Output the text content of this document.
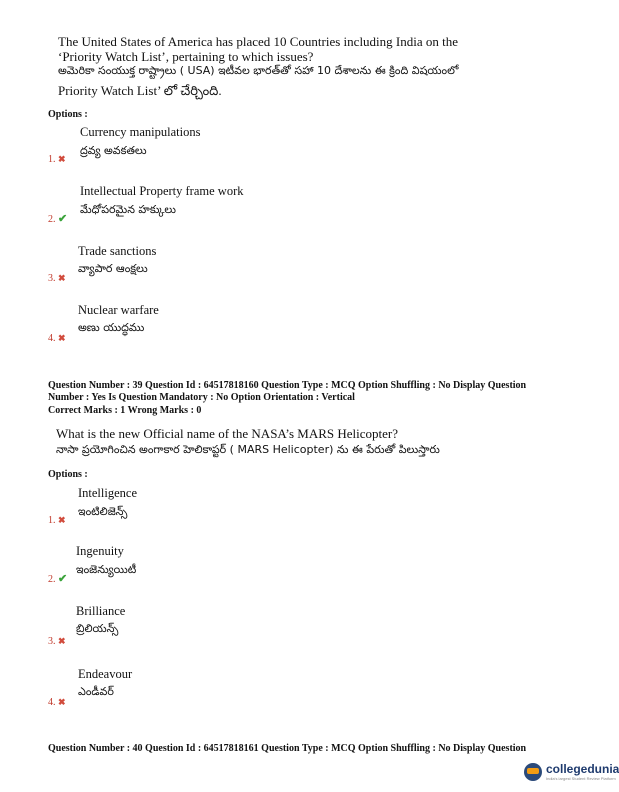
The United States of America has placed 10 Countries including India on the
‘Priority Watch List’, pertaining to which issues?
అమెరికా సంయుక్త రాష్ట్రాలు ( USA) ఇటీవల భారత్‌తో సహా 10 దేశాలను ఈ క్రింది విషయంలో
Priority Watch List’ లో చేర్చింది.
Options :
Currency manipulations
ద్రవ్య అవకతలు
1. ✖
Intellectual Property frame work
మేధోపరమైన హక్కులు
2. ✔
Trade sanctions
వ్యాపార ఆంక్షలు
3. ✖
Nuclear warfare
అణు యుద్ధము
4. ✖
Question Number : 39 Question Id : 64517818160 Question Type : MCQ Option Shuffling : No Display Question
Number : Yes Is Question Mandatory : No Option Orientation : Vertical
Correct Marks : 1 Wrong Marks : 0
What is the new Official name of the NASA’s MARS Helicopter?
నాసా ప్రయోగించిన అంగాకార హెలికాప్టర్ ( MARS Helicopter) ను ఈ పేరుతో పిలుస్తారు
Options :
Intelligence
ఇంటిలిజెన్స్
1. ✖
Ingenuity
ఇంజెన్యుయిటీ
2. ✔
Brilliance
బ్రిలియన్స్
3. ✖
Endeavour
ఎండీవర్
4. ✖
Question Number : 40 Question Id : 64517818161 Question Type : MCQ Option Shuffling : No Display Question
collegedunia
India's largest Student Review Platform
